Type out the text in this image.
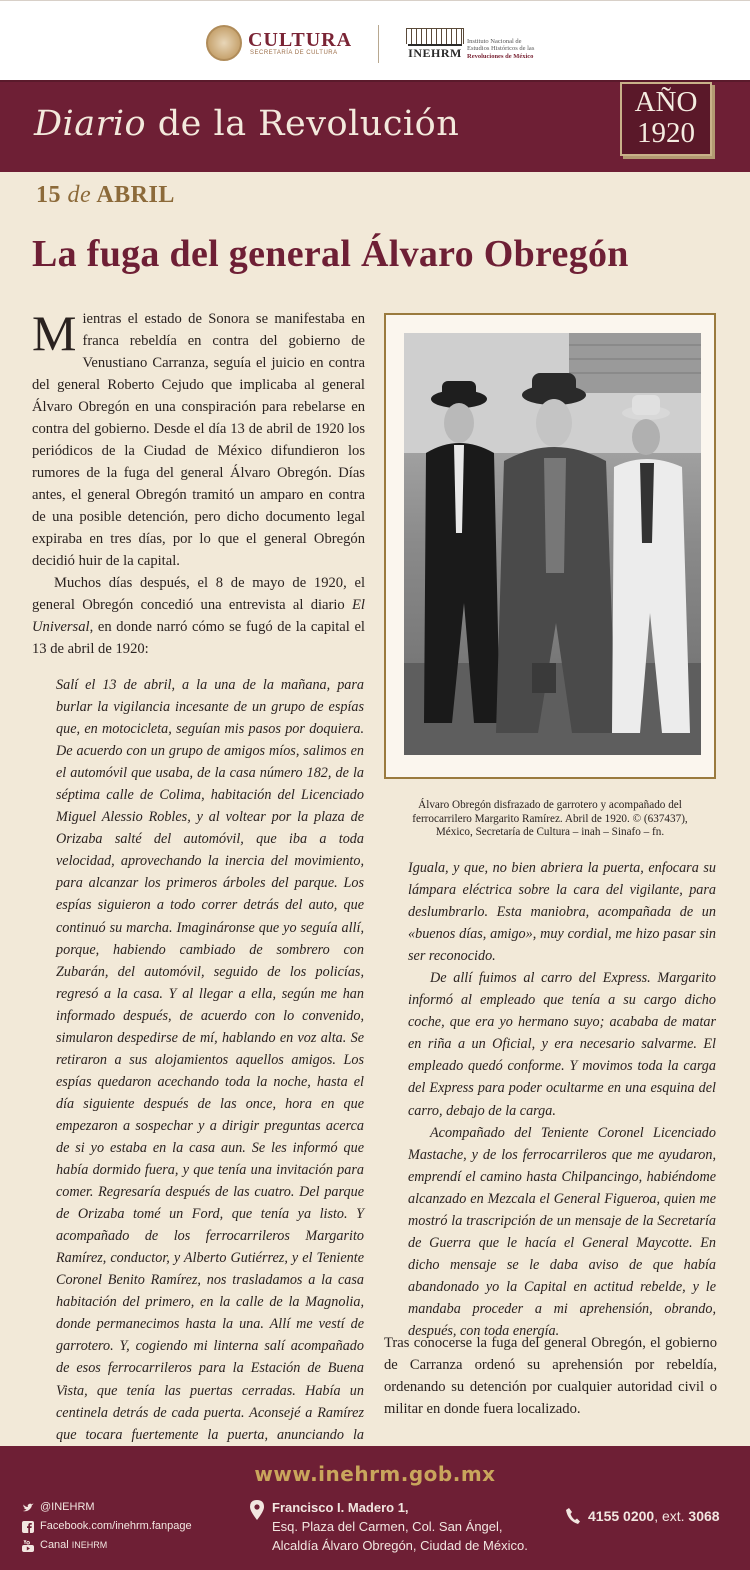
CULTURA
SECRETARÍA DE CULTURA	INEHRM
Instituto Nacional de
Estudios Históricos de las
Revoluciones de México
Diario de la Revolución
AÑO
1920
15 de ABRIL
La fuga del general Álvaro Obregón

Mientras el estado de Sonora se manifestaba en franca rebeldía en contra del gobierno de Venustiano Carranza, seguía el juicio en contra del general Roberto Cejudo que implicaba al general Álvaro Obregón en una conspiración para rebelarse en contra del gobierno. Desde el día 13 de abril de 1920 los periódicos de la Ciudad de México difundieron los rumores de la fuga del general Álvaro Obregón. Días antes, el general Obregón tramitó un amparo en contra de una posible detención, pero dicho documento legal expiraba en tres días, por lo que el general Obregón decidió huir de la capital.

Muchos días después, el 8 de mayo de 1920, el general Obregón concedió una entrevista al diario El Universal, en donde narró cómo se fugó de la capital el 13 de abril de 1920:

Salí el 13 de abril, a la una de la mañana, para burlar la vigilancia incesante de un grupo de espías que, en motocicleta, seguían mis pasos por doquiera. De acuerdo con un grupo de amigos míos, salimos en el automóvil que usaba, de la casa número 182, de la séptima calle de Colima, habitación del Licenciado Miguel Alessio Robles, y al voltear por la plaza de Orizaba salté del automóvil, que iba a toda velocidad, aprovechando la inercia del movimiento, para alcanzar los primeros árboles del parque. Los espías siguieron a todo correr detrás del auto, que continuó su marcha. Imagináronse que yo seguía allí, porque, habiendo cambiado de sombrero con Zubarán, del automóvil, seguido de los policías, regresó a la casa. Y al llegar a ella, según me han informado después, de acuerdo con lo convenido, simularon despedirse de mí, hablando en voz alta. Se retiraron a sus alojamientos aquellos amigos. Los espías quedaron acechando toda la noche, hasta el día siguiente después de las once, hora en que empezaron a sospechar y a dirigir preguntas acerca de si yo estaba en la casa aun. Se les informó que había dormido fuera, y que tenía una invitación para comer. Regresaría después de las cuatro. Del parque de Orizaba tomé un Ford, que tenía ya listo. Y acompañado de los ferrocarrileros Margarito Ramírez, conductor, y Alberto Gutiérrez, y el Teniente Coronel Benito Ramírez, nos trasladamos a la casa habitación del primero, en la calle de la Magnolia, donde permanecimos hasta la una. Allí me vestí de garrotero. Y, cogiendo mi linterna salí acompañado de esos ferrocarrileros para la Estación de Buena Vista, que tenía las puertas cerradas. Había un centinela detrás de cada puerta. Aconsejé a Ramírez que tocara fuertemente la puerta, anunciando la
Álvaro Obregón disfrazado de garrotero y acompañado del
ferrocarrilero Margarito Ramírez. Abril de 1920. © (637437),
México, Secretaría de Cultura – inah – Sinafo – fn.

Iguala, y que, no bien abriera la puerta, enfocara su lámpara eléctrica sobre la cara del vigilante, para deslumbrarlo. Esta maniobra, acompañada de un «buenos días, amigo», muy cordial, me hizo pasar sin ser reconocido.

De allí fuimos al carro del Express. Margarito informó al empleado que tenía a su cargo dicho coche, que era yo hermano suyo; acababa de matar en riña a un Oficial, y era necesario salvarme. El empleado quedó conforme. Y movimos toda la carga del Express para poder ocultarme en una esquina del carro, debajo de la carga.

Acompañado del Teniente Coronel Licenciado Mastache, y de los ferrocarrileros que me ayudaron, emprendí el camino hasta Chilpancingo, habiéndome alcanzado en Mezcala el General Figueroa, quien me mostró la trascripción de un mensaje de la Secretaría de Guerra que le hacía el General Maycotte. En dicho mensaje se le daba aviso de que había abandonado yo la Capital en actitud rebelde, y le mandaba proceder a mi aprehensión, obrando, después, con toda energía.

Tras conocerse la fuga del general Obregón, el gobierno de Carranza ordenó su aprehensión por rebeldía, ordenando su detención por cualquier autoridad civil o militar en donde fuera localizado.
www.inehrm.gob.mx
@INEHRM
Facebook.com/inehrm.fanpage
Canal INEHRM
Francisco I. Madero 1,
Esq. Plaza del Carmen, Col. San Ángel,
Alcaldía Álvaro Obregón, Ciudad de México.
4155 0200, ext. 3068
